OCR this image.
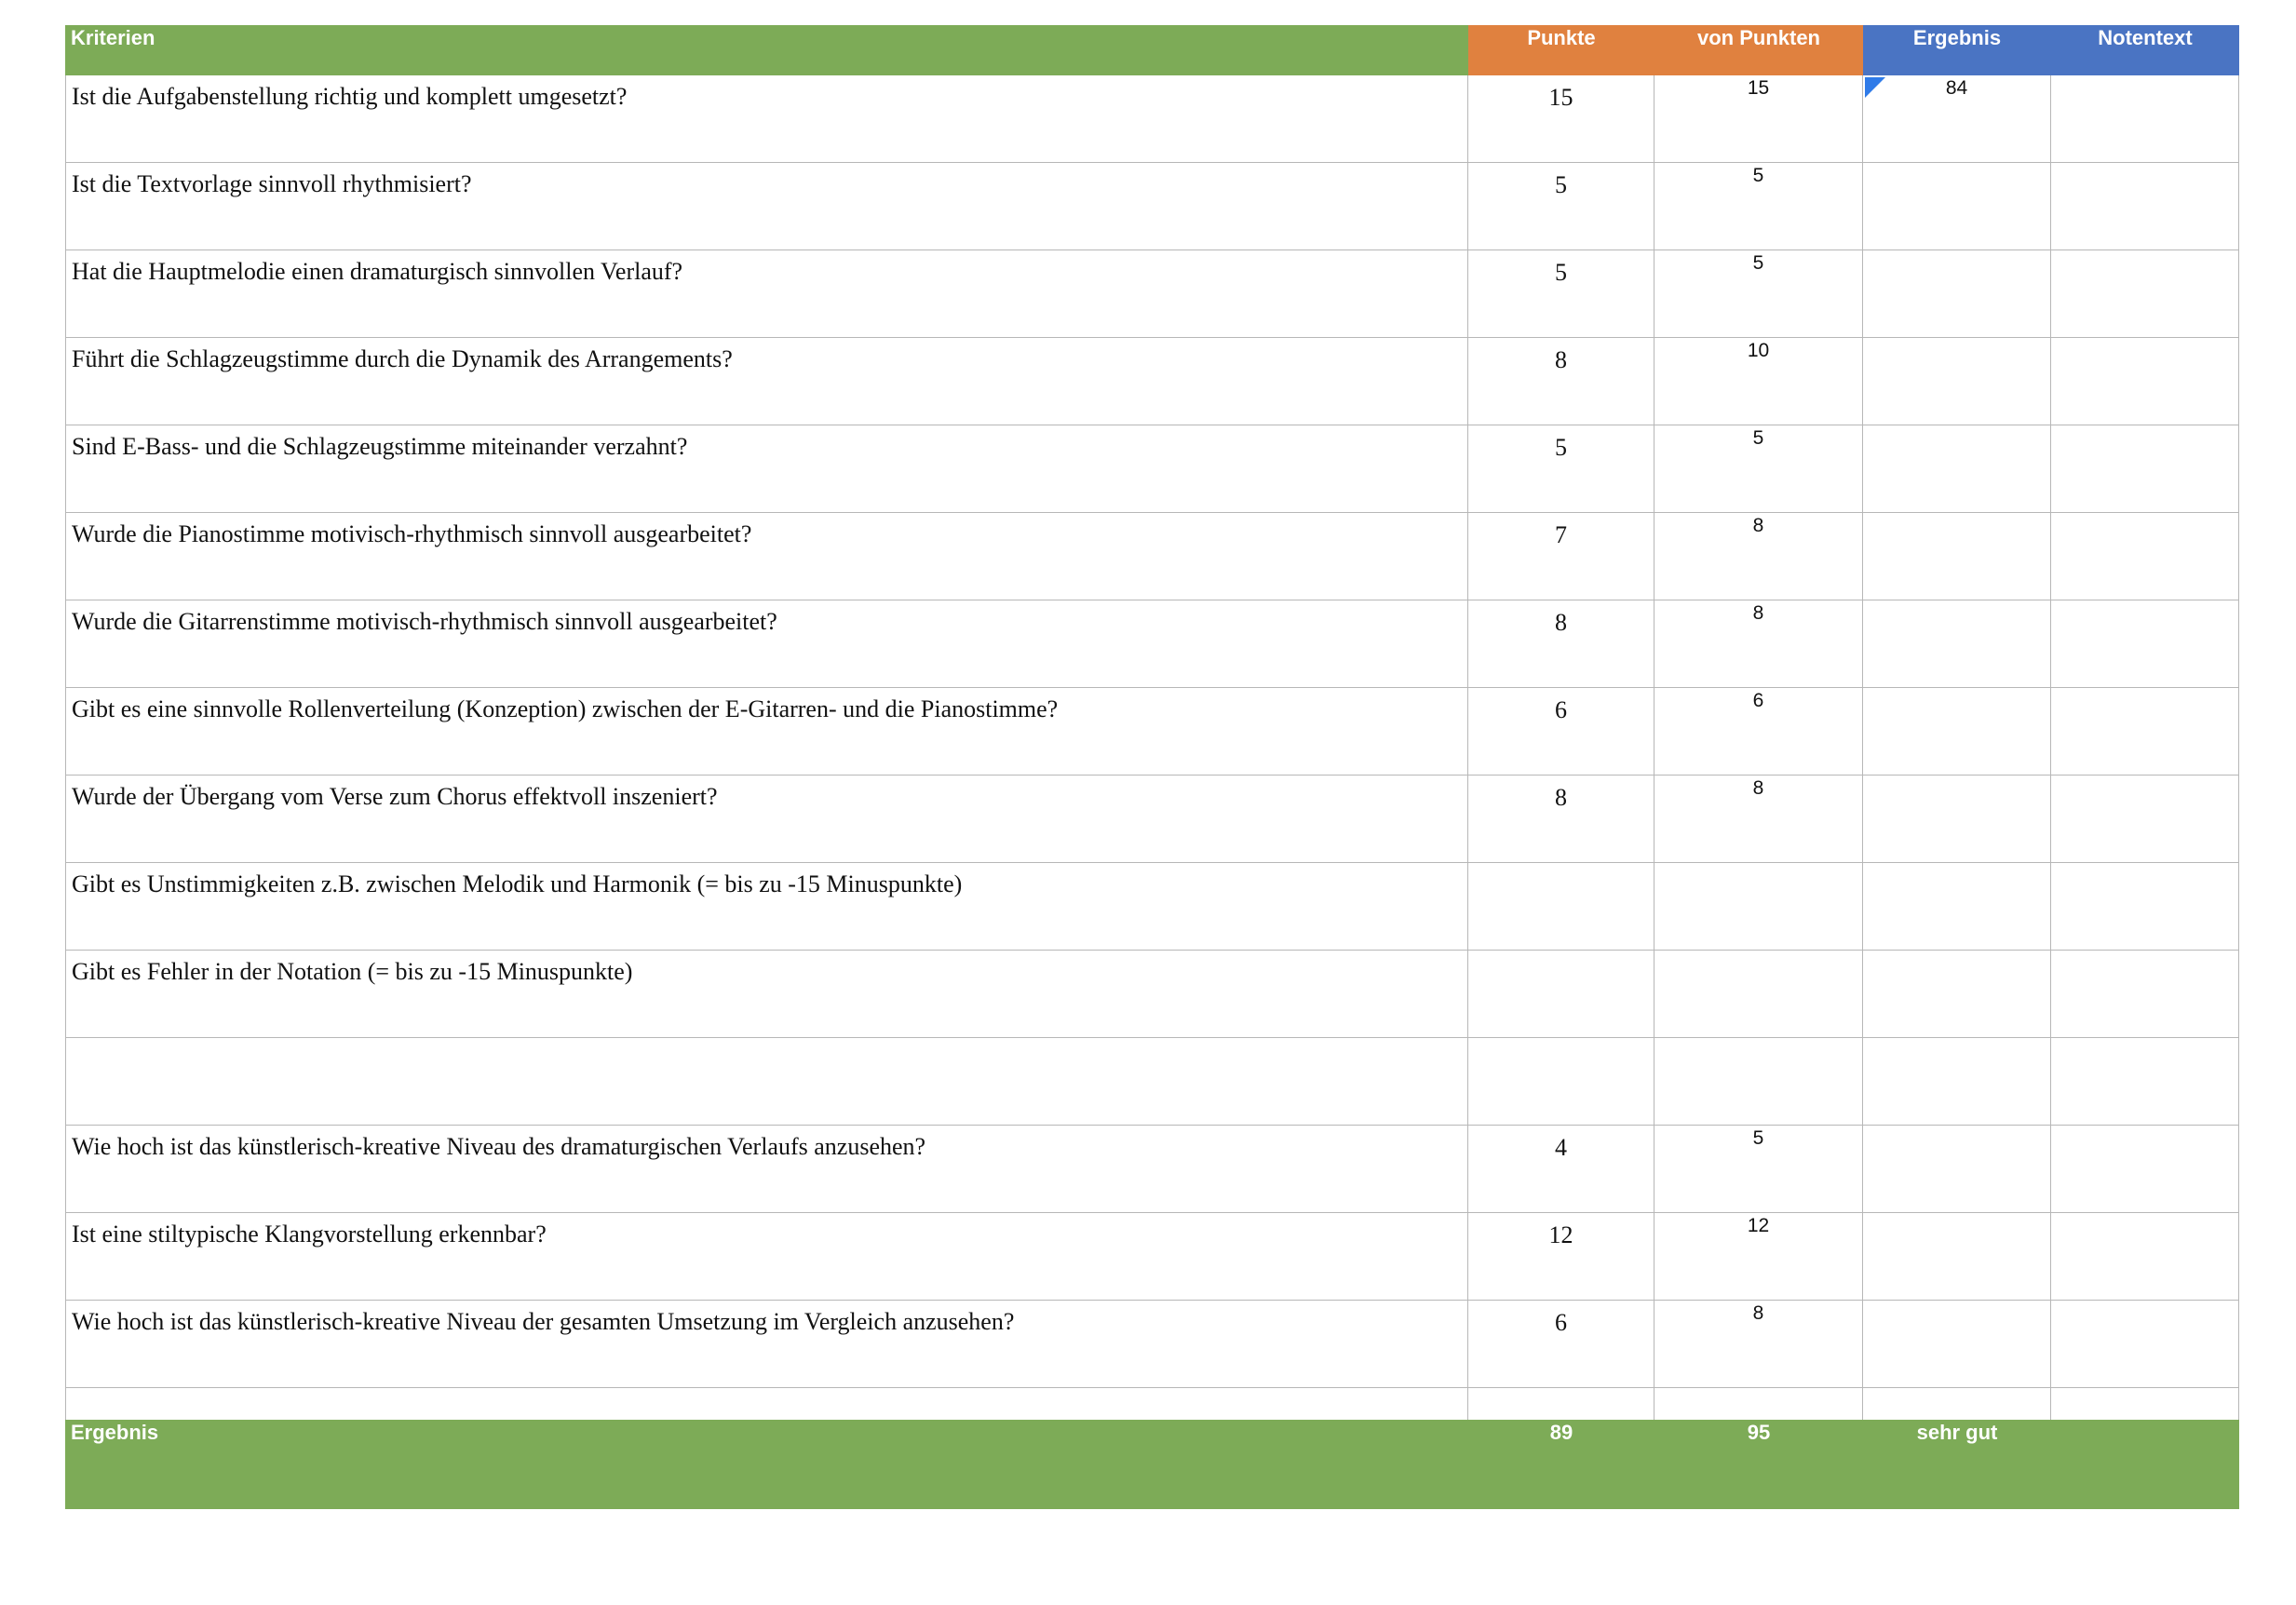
Kriterien	Punkte	von Punkten	Ergebnis	Notentext
Ist die Aufgabenstellung richtig und komplett umgesetzt?	15	15	84
Ist die Textvorlage sinnvoll rhythmisiert?	5	5
Hat die Hauptmelodie einen dramaturgisch sinnvollen Verlauf?	5	5
Führt die Schlagzeugstimme durch die Dynamik des Arrangements?	8	10
Sind E-Bass- und die Schlagzeugstimme miteinander verzahnt?	5	5
Wurde die Pianostimme motivisch-rhythmisch sinnvoll ausgearbeitet?	7	8
Wurde die Gitarrenstimme motivisch-rhythmisch sinnvoll ausgearbeitet?	8	8
Gibt es eine sinnvolle Rollenverteilung (Konzeption) zwischen der E-Gitarren- und die Pianostimme?	6	6
Wurde der Übergang vom Verse zum Chorus effektvoll inszeniert?	8	8
Gibt es Unstimmigkeiten z.B. zwischen Melodik und Harmonik (= bis zu -15 Minuspunkte)
Gibt es Fehler in der Notation (= bis zu -15 Minuspunkte)
Wie hoch ist das künstlerisch-kreative Niveau des dramaturgischen Verlaufs anzusehen?	4	5
Ist eine stiltypische Klangvorstellung erkennbar?	12	12
Wie hoch ist das künstlerisch-kreative Niveau der gesamten Umsetzung im Vergleich anzusehen?	6	8
Ergebnis	89	95	sehr gut
